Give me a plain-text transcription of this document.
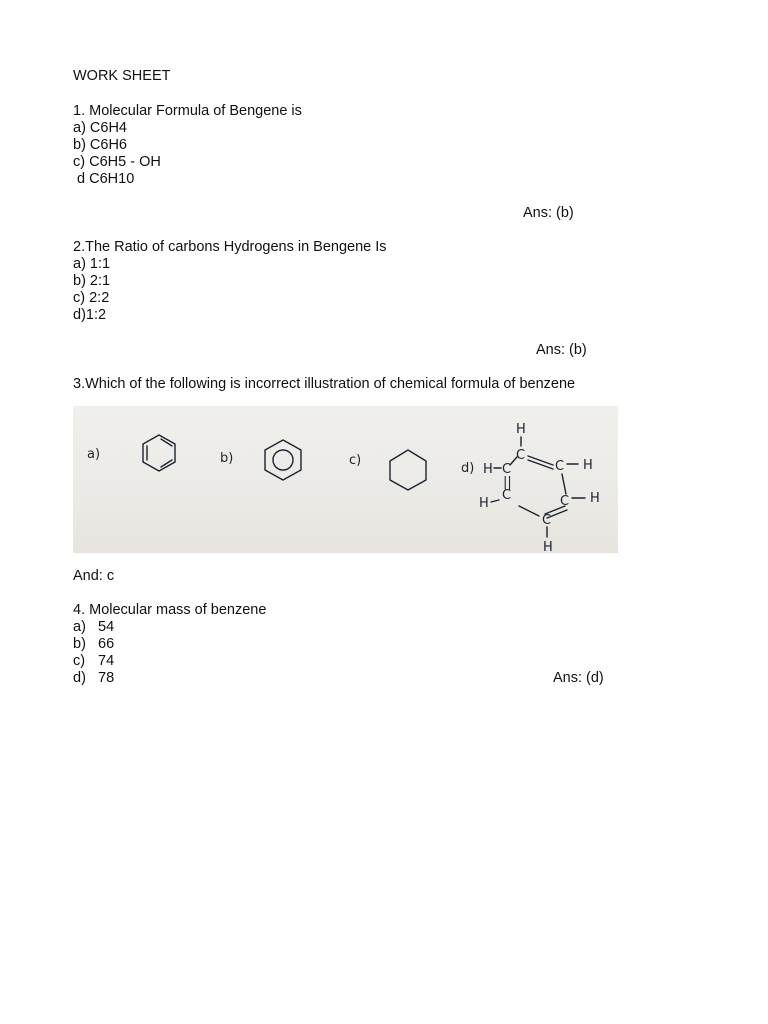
WORK SHEET
1. Molecular Formula of Bengene is
a) C6H4
b) C6H6
c) C6H5 - OH
d C6H10
Ans: (b)
2.The Ratio of carbons Hydrogens in Bengene Is
a) 1:1
b) 2:1
c) 2:2
d)1:2
Ans: (b)
3.Which of the following is incorrect illustration of chemical formula of benzene
a)	b)	c)
d)
H
C
H C	C H
C H
C
H
C
H
||
And: c
4. Molecular mass of benzene
a) 54
b) 66
c) 74
d) 78	Ans: (d)
